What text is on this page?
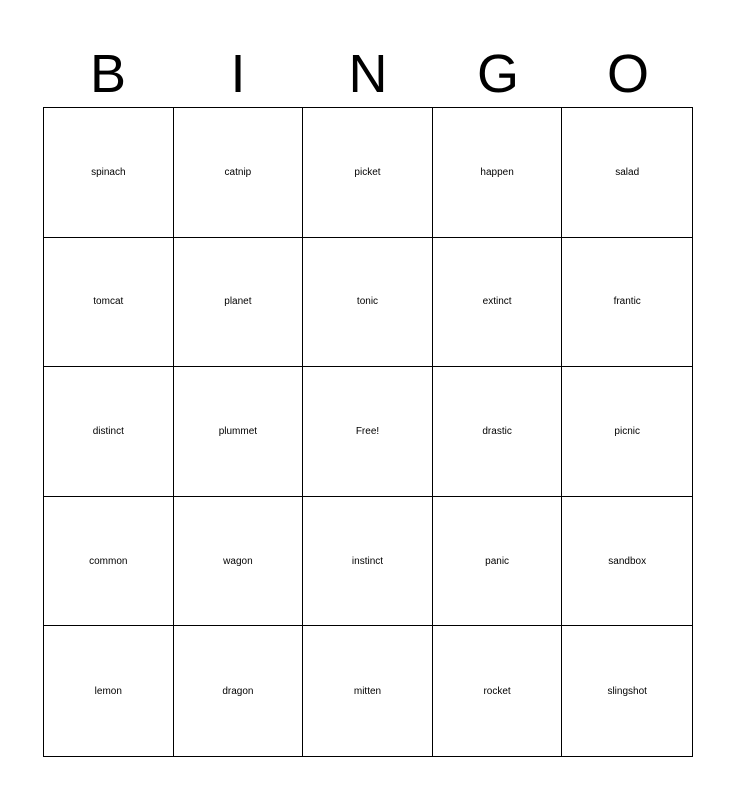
B	I	N	G	O
spinach	catnip	picket	happen	salad
tomcat	planet	tonic	extinct	frantic
distinct	plummet	Free!	drastic	picnic
common	wagon	instinct	panic	sandbox
lemon	dragon	mitten	rocket	slingshot
